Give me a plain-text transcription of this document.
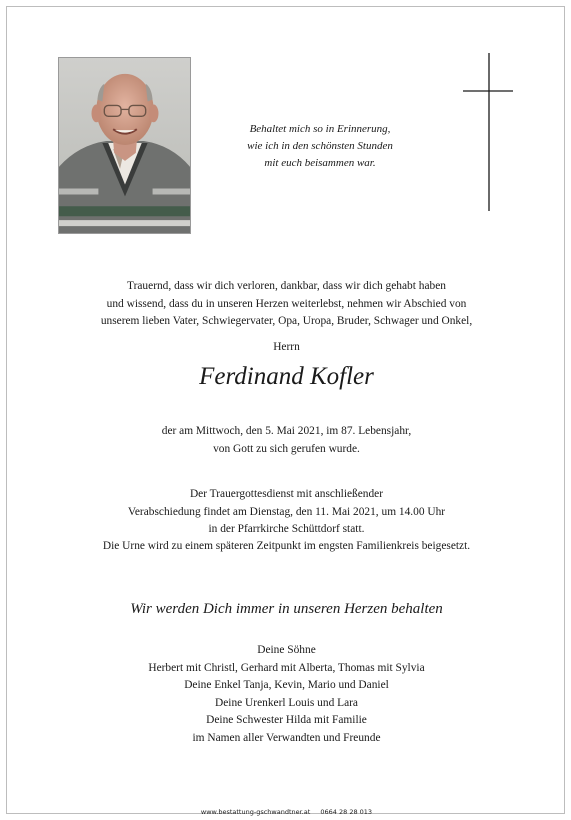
Behaltet mich so in Erinnerung,
wie ich in den schönsten Stunden
mit euch beisammen war.

Trauernd, dass wir dich verloren, dankbar, dass wir dich gehabt haben
und wissend, dass du in unseren Herzen weiterlebst, nehmen wir Abschied von
unserem lieben Vater, Schwiegervater, Opa, Uropa, Bruder, Schwager und Onkel,

Herrn

Ferdinand Kofler

der am Mittwoch, den 5. Mai 2021, im 87. Lebensjahr,
von Gott zu sich gerufen wurde.

Der Trauergottesdienst mit anschließender
Verabschiedung findet am Dienstag, den 11. Mai 2021, um 14.00 Uhr
in der Pfarrkirche Schüttdorf statt.

Die Urne wird zu einem späteren Zeitpunkt im engsten Familienkreis beigesetzt.

Wir werden Dich immer in unseren Herzen behalten

Deine Söhne
Herbert mit Christl, Gerhard mit Alberta, Thomas mit Sylvia
Deine Enkel Tanja, Kevin, Mario und Daniel
Deine Urenkerl Louis und Lara
Deine Schwester Hilda mit Familie
im Namen aller Verwandten und Freunde

www.bestattung-gschwandtner.at 0664 28 28 013
